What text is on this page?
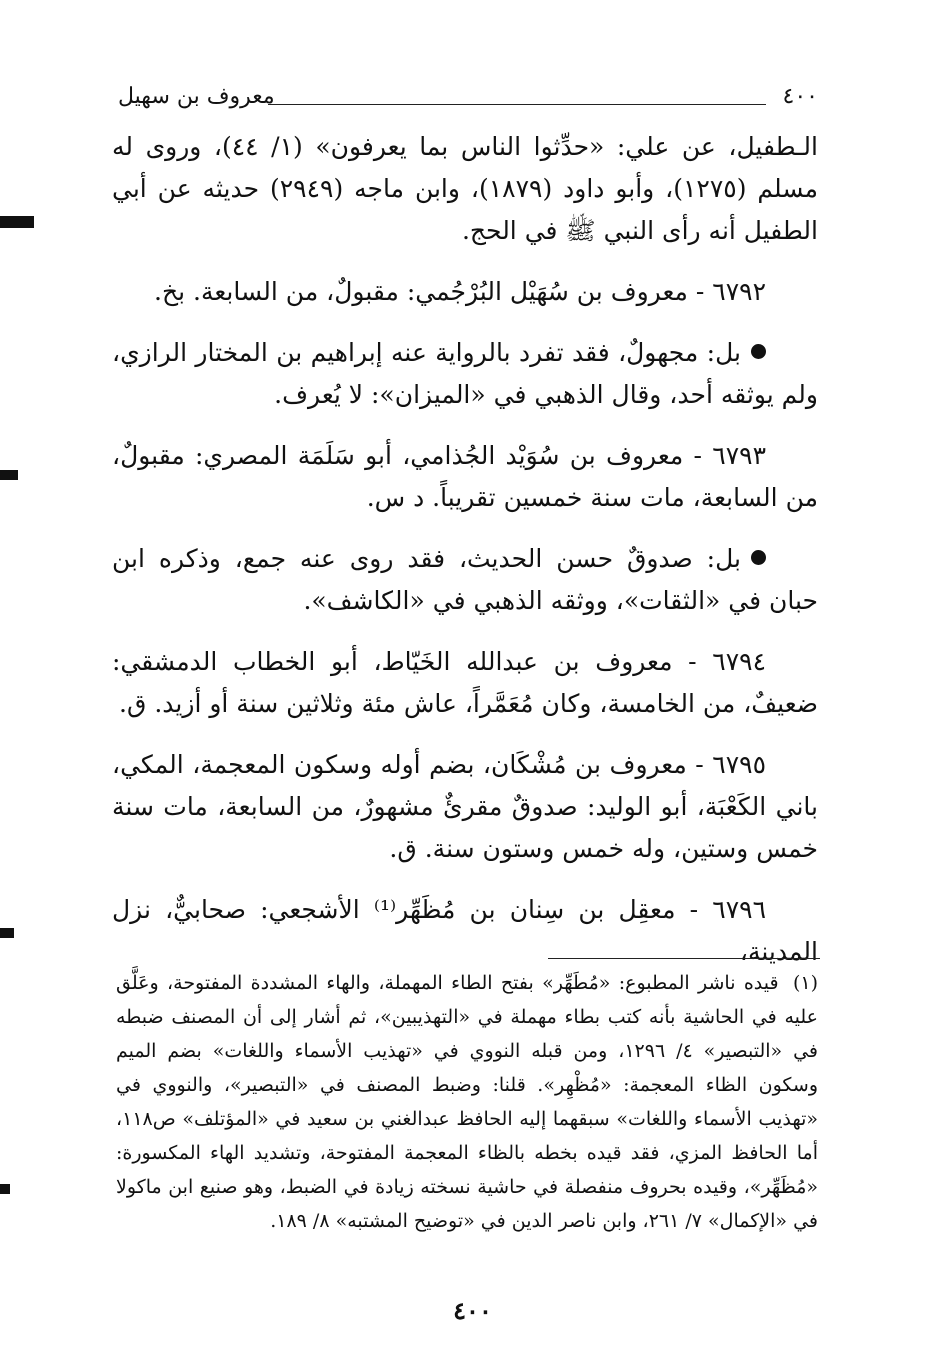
٤٠٠
معروف بن سهيل

الـطفيل، عن علي: «حدِّثوا الناس بما يعرفون» (١/ ٤٤)، وروى له مسلم (١٢٧٥)، وأبو داود (١٨٧٩)، وابن ماجه (٢٩٤٩) حديثه عن أبي الطفيل أنه رأى النبي ﷺ في الحج.

٦٧٩٢ - معروف بن سُهَيْل البُرْجُمي: مقبولٌ، من السابعة. بخ.

بل: مجهولٌ، فقد تفرد بالرواية عنه إبراهيم بن المختار الرازي، ولم يوثقه أحد، وقال الذهبي في «الميزان»: لا يُعرف.

٦٧٩٣ - معروف بن سُوَيْد الجُذامي، أبو سَلَمَة المصري: مقبولٌ، من السابعة، مات سنة خمسين تقريباً. د س.

بل: صدوقٌ حسن الحديث، فقد روى عنه جمع، وذكره ابن حبان في «الثقات»، ووثقه الذهبي في «الكاشف».

٦٧٩٤ - معروف بن عبدالله الخَيّاط، أبو الخطاب الدمشقي: ضعيفٌ، من الخامسة، وكان مُعَمَّراً، عاش مئة وثلاثين سنة أو أزيد. ق.

٦٧٩٥ - معروف بن مُشْكَان، بضم أوله وسكون المعجمة، المكي، باني الكَعْبَة، أبو الوليد: صدوقٌ مقرئٌ مشهورٌ، من السابعة، مات سنة خمس وستين، وله خمس وستون سنة. ق.

٦٧٩٦ - معقِل بن سِنان بن مُظَهِّر⁽¹⁾ الأشجعي: صحابيٌّ، نزل المدينة،

(١) قيده ناشر المطبوع: «مُطَهِّر» بفتح الطاء المهملة، والهاء المشددة المفتوحة، وعَلَّق عليه في الحاشية بأنه كتب بطاء مهملة في «التهذيبين»، ثم أشار إلى أن المصنف ضبطه في «التبصير» ٤/ ١٢٩٦، ومن قبله النووي في «تهذيب الأسماء واللغات» بضم الميم وسكون الظاء المعجمة: «مُظْهِر». قلنا: وضبط المصنف في «التبصير»، والنووي في «تهذيب الأسماء واللغات» سبقهما إليه الحافظ عبدالغني بن سعيد في «المؤتلف» ص١١٨، أما الحافظ المزي، فقد قيده بخطه بالظاء المعجمة المفتوحة، وتشديد الهاء المكسورة: «مُظَهِّر»، وقيده بحروف منفصلة في حاشية نسخته زيادة في الضبط، وهو صنيع ابن ماكولا في «الإكمال» ٧/ ٢٦١، وابن ناصر الدين في «توضيح المشتبه» ٨/ ١٨٩.
٤٠٠
